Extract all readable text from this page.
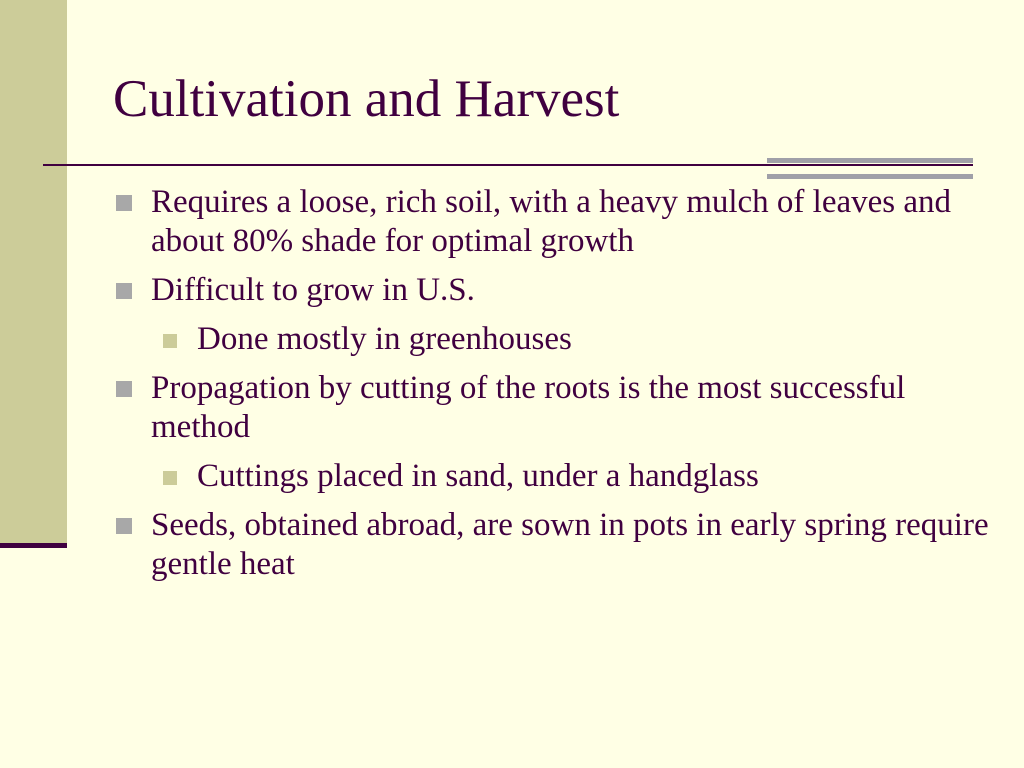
Cultivation and Harvest
Requires a loose, rich soil, with a heavy mulch of leaves and about 80% shade for optimal growth
Difficult to grow in U.S.
Done mostly in greenhouses
Propagation by cutting of the roots is the most successful method
Cuttings placed in sand, under a handglass
Seeds, obtained abroad, are sown in pots in early spring require gentle heat
